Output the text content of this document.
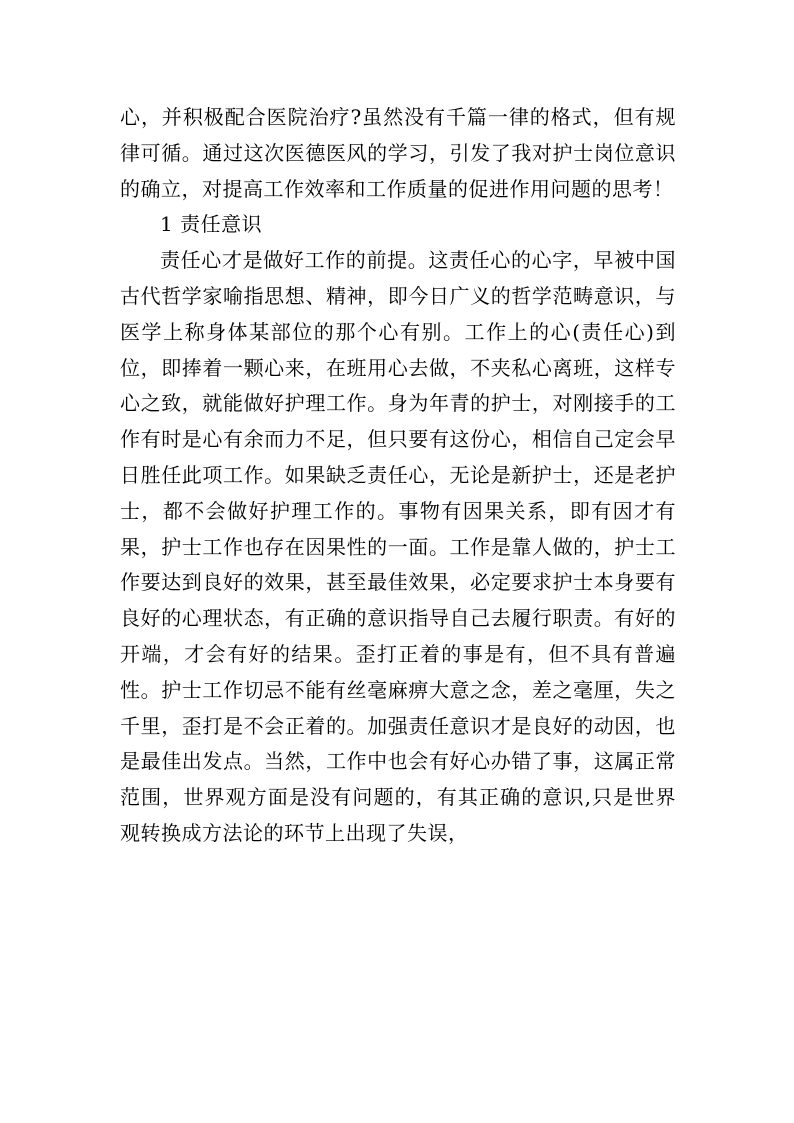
心，并积极配合医院治疗?虽然没有千篇一律的格式，但有规律可循。通过这次医德医风的学习，引发了我对护士岗位意识的确立，对提高工作效率和工作质量的促进作用问题的思考！

1 责任意识

责任心才是做好工作的前提。这责任心的心字，早被中国古代哲学家喻指思想、精神，即今日广义的哲学范畴意识，与医学上称身体某部位的那个心有别。工作上的心(责任心)到位，即捧着一颗心来，在班用心去做，不夹私心离班，这样专心之致，就能做好护理工作。身为年青的护士，对刚接手的工作有时是心有余而力不足，但只要有这份心，相信自己定会早日胜任此项工作。如果缺乏责任心，无论是新护士，还是老护士，都不会做好护理工作的。事物有因果关系，即有因才有果，护士工作也存在因果性的一面。工作是靠人做的，护士工作要达到良好的效果，甚至最佳效果，必定要求护士本身要有良好的心理状态，有正确的意识指导自己去履行职责。有好的开端，才会有好的结果。歪打正着的事是有，但不具有普遍性。护士工作切忌不能有丝毫麻痹大意之念，差之毫厘，失之千里，歪打是不会正着的。加强责任意识才是良好的动因，也是最佳出发点。当然，工作中也会有好心办错了事，这属正常范围，世界观方面是没有问题的，有其正确的意识,只是世界观转换成方法论的环节上出现了失误，
